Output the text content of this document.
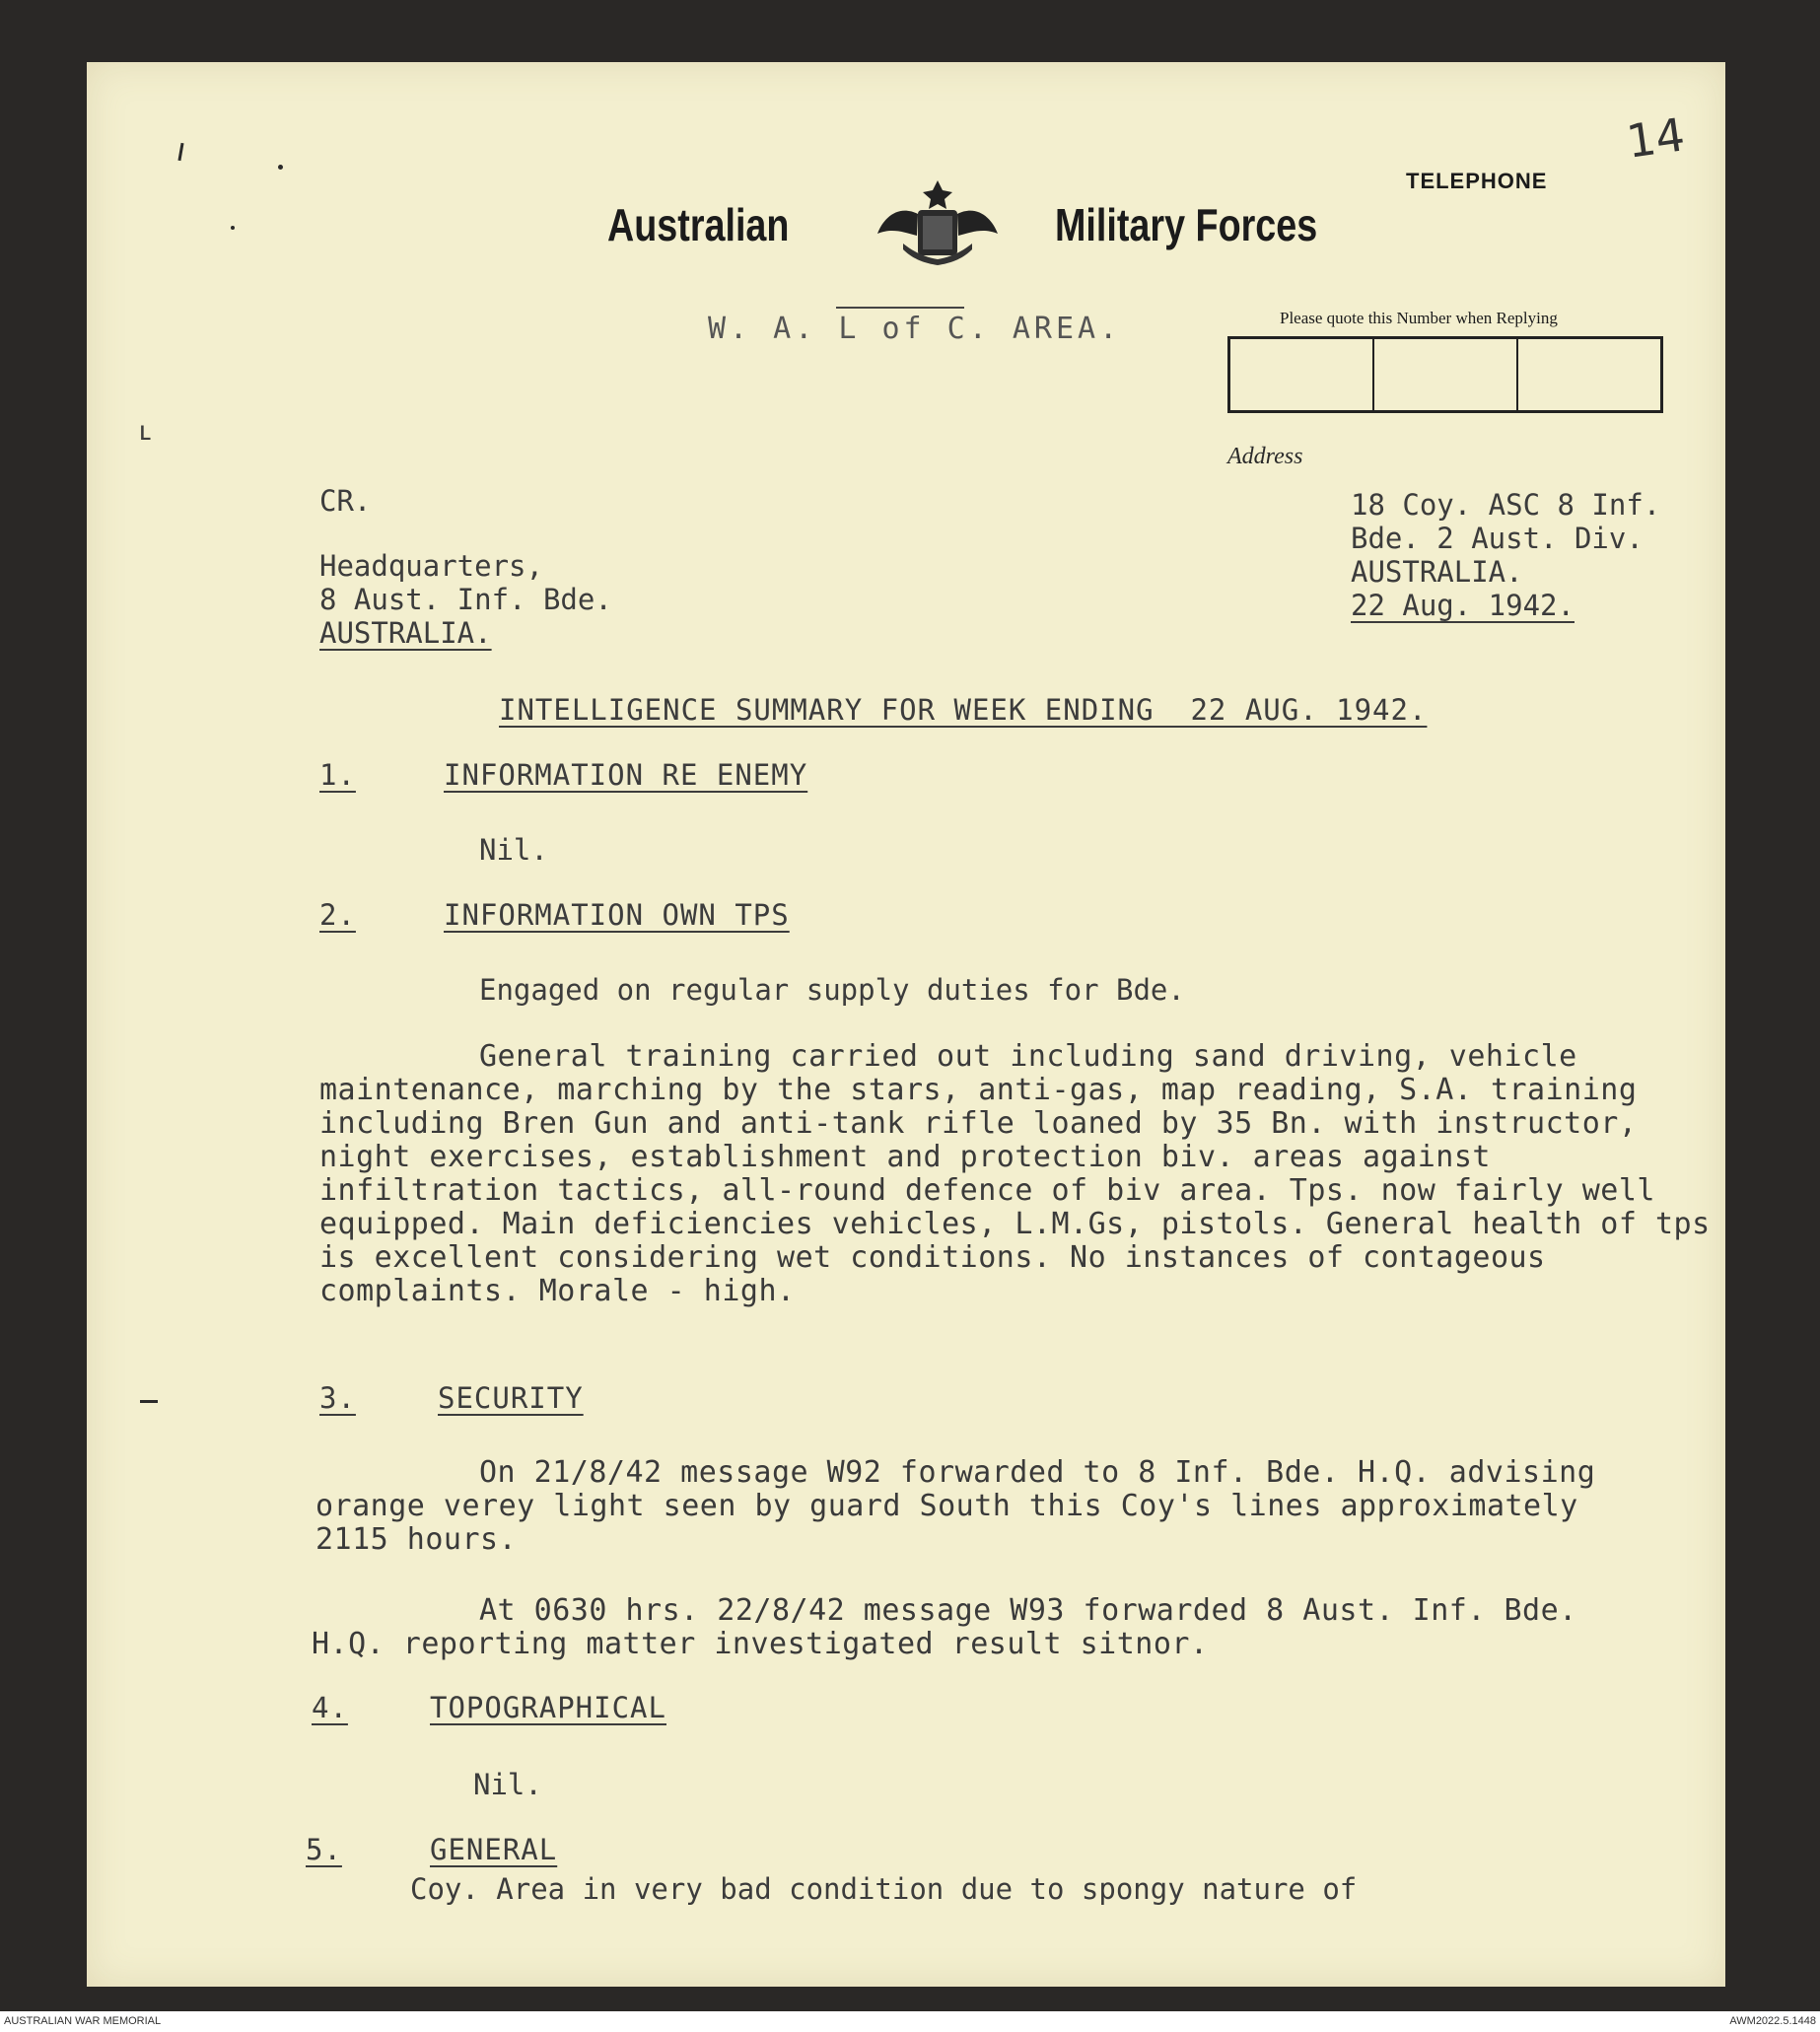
ʟ
Australian	Military Forces
TELEPHONE
14
W. A. L of C. AREA.	Please quote this Number when Replying
Address
18 Coy. ASC 8 Inf.
Bde. 2 Aust. Div.
AUSTRALIA.
22 Aug. 1942.
CR.
Headquarters,
8 Aust. Inf. Bde.
AUSTRALIA.
INTELLIGENCE SUMMARY FOR WEEK ENDING  22 AUG. 1942.
1.	INFORMATION RE ENEMY
Nil.
2.	INFORMATION OWN TPS
Engaged on regular supply duties for Bde.
General training carried out including sand driving, vehicle maintenance, marching by the stars, anti-gas, map reading, S.A. training including Bren Gun and anti-tank rifle loaned by 35 Bn. with instructor, night exercises, establishment and protection biv. areas against infiltration tactics, all-round defence of biv area. Tps. now fairly well equipped. Main deficiencies vehicles, L.M.Gs, pistols. General health of tps is excellent considering wet conditions. No instances of contageous complaints. Morale - high.
3.	SECURITY
On 21/8/42 message W92 forwarded to 8 Inf. Bde. H.Q. advising orange verey light seen by guard South this Coy's lines approximately 2115 hours.
At 0630 hrs. 22/8/42 message W93 forwarded 8 Aust. Inf. Bde. H.Q. reporting matter investigated result sitnor.
4.	TOPOGRAPHICAL
Nil.
5.	GENERAL
Coy. Area in very bad condition due to spongy nature of
AUSTRALIAN WAR MEMORIAL	AWM2022.5.1448
